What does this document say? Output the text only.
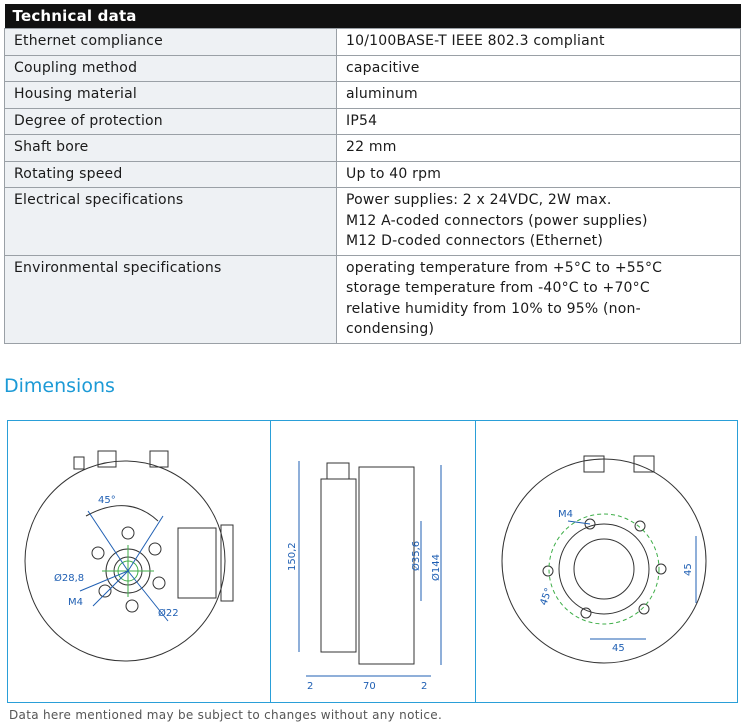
Technical data	
Ethernet compliance	10/100BASE-T IEEE 802.3 compliant

Coupling method	capacitive

Housing material	aluminum

Degree of protection	IP54

Shaft bore	22 mm

Rotating speed	Up to 40 rpm

Electrical specifications	Power supplies: 2 x 24VDC, 2W max.
M12 A-coded connectors (power supplies)
M12 D-coded connectors (Ethernet)

Environmental specifications	operating temperature from +5°C to +55°C
storage temperature from -40°C to +70°C
relative humidity from 10% to 95% (non-
condensing)
Dimensions
45°
Ø28,8
M4
Ø22
150,2	Ø35,6 Ø144
2	70	2
M4
45°
45
45
Data here mentioned may be subject to changes without any notice.
